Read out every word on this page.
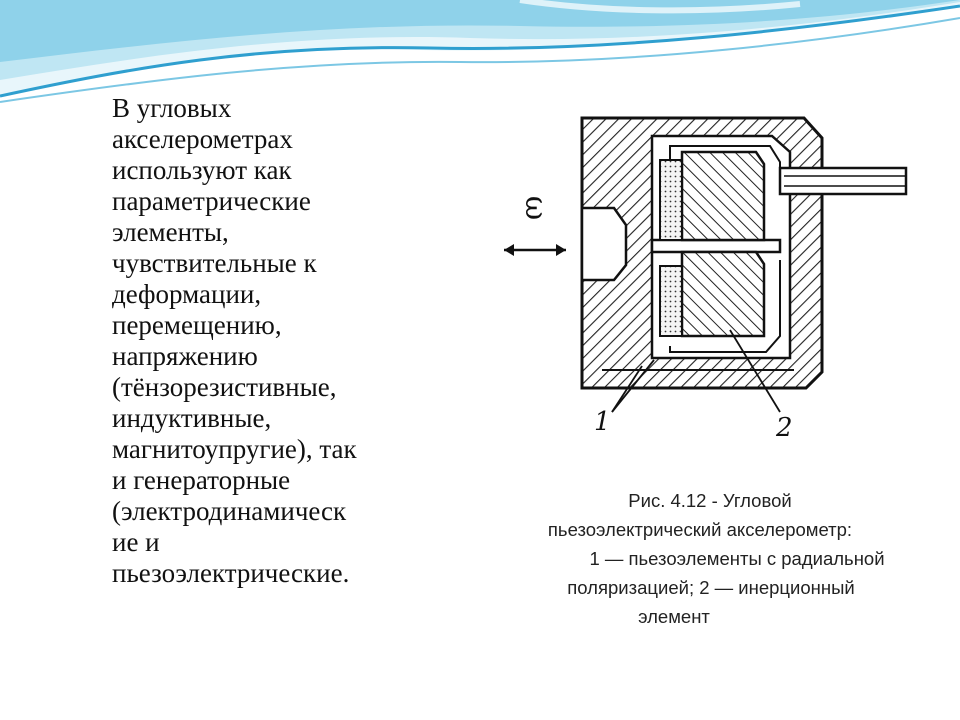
В угловых
акселерометрах
используют как
параметрические
элементы,
чувствительные к
деформации,
перемещению,
напряжению
(тёнзорезистивные,
индуктивные,
магнитоупругие), так
и генераторные
(электродинамическ
ие и
пьезоэлектрические.
ω
1	2
Рис. 4.12 - Угловой
пьезоэлектрический акселерометр:
1 — пьезоэлементы с радиальной
поляризацией; 2 — инерционный
элемент
